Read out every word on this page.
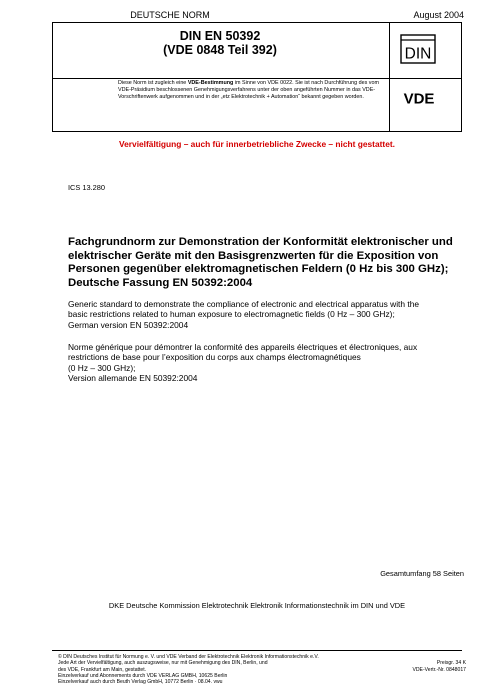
DEUTSCHE NORM	August 2004
DIN EN 50392
(VDE 0848 Teil 392)	DIN
Diese Norm ist zugleich eine VDE-Bestimmung im Sinne von VDE 0022. Sie ist nach Durchführung des vom VDE-Präsidium beschlossenen Genehmigungsverfahrens unter der oben angeführten Nummer in das VDE-Vorschriftenwerk aufgenommen und in der „etz Elektrotechnik + Automation“ bekannt gegeben worden.	VDE
Vervielfältigung – auch für innerbetriebliche Zwecke – nicht gestattet.
ICS 13.280
Fachgrundnorm zur Demonstration der Konformität elektronischer und
elektrischer Geräte mit den Basisgrenzwerten für die Exposition von
Personen gegenüber elektromagnetischen Feldern (0 Hz bis 300 GHz);
Deutsche Fassung EN 50392:2004
Generic standard to demonstrate the compliance of electronic and electrical apparatus with the
basic restrictions related to human exposure to electromagnetic fields (0 Hz – 300 GHz);
German version EN 50392:2004
Norme générique pour démontrer la conformité des appareils électriques et électroniques, aux
restrictions de base pour l’exposition du corps aux champs électromagnétiques
(0 Hz – 300 GHz);
Version allemande EN 50392:2004
Gesamtumfang 58 Seiten
DKE Deutsche Kommission Elektrotechnik Elektronik Informationstechnik im DIN und VDE
© DIN Deutsches Institut für Normung e. V. und VDE Verband der Elektrotechnik Elektronik Informationstechnik e.V.
Jede Art der Vervielfältigung, auch auszugsweise, nur mit Genehmigung des DIN, Berlin, und
des VDE, Frankfurt am Main, gestattet.
Einzelverkauf und Abonnements durch VDE VERLAG GMBH, 10625 Berlin
Einzelverkauf auch durch Beuth Verlag GmbH, 10772 Berlin · 08.04. vwu

Preisgr. 34 K
VDE-Vertr.-Nr. 0848017
